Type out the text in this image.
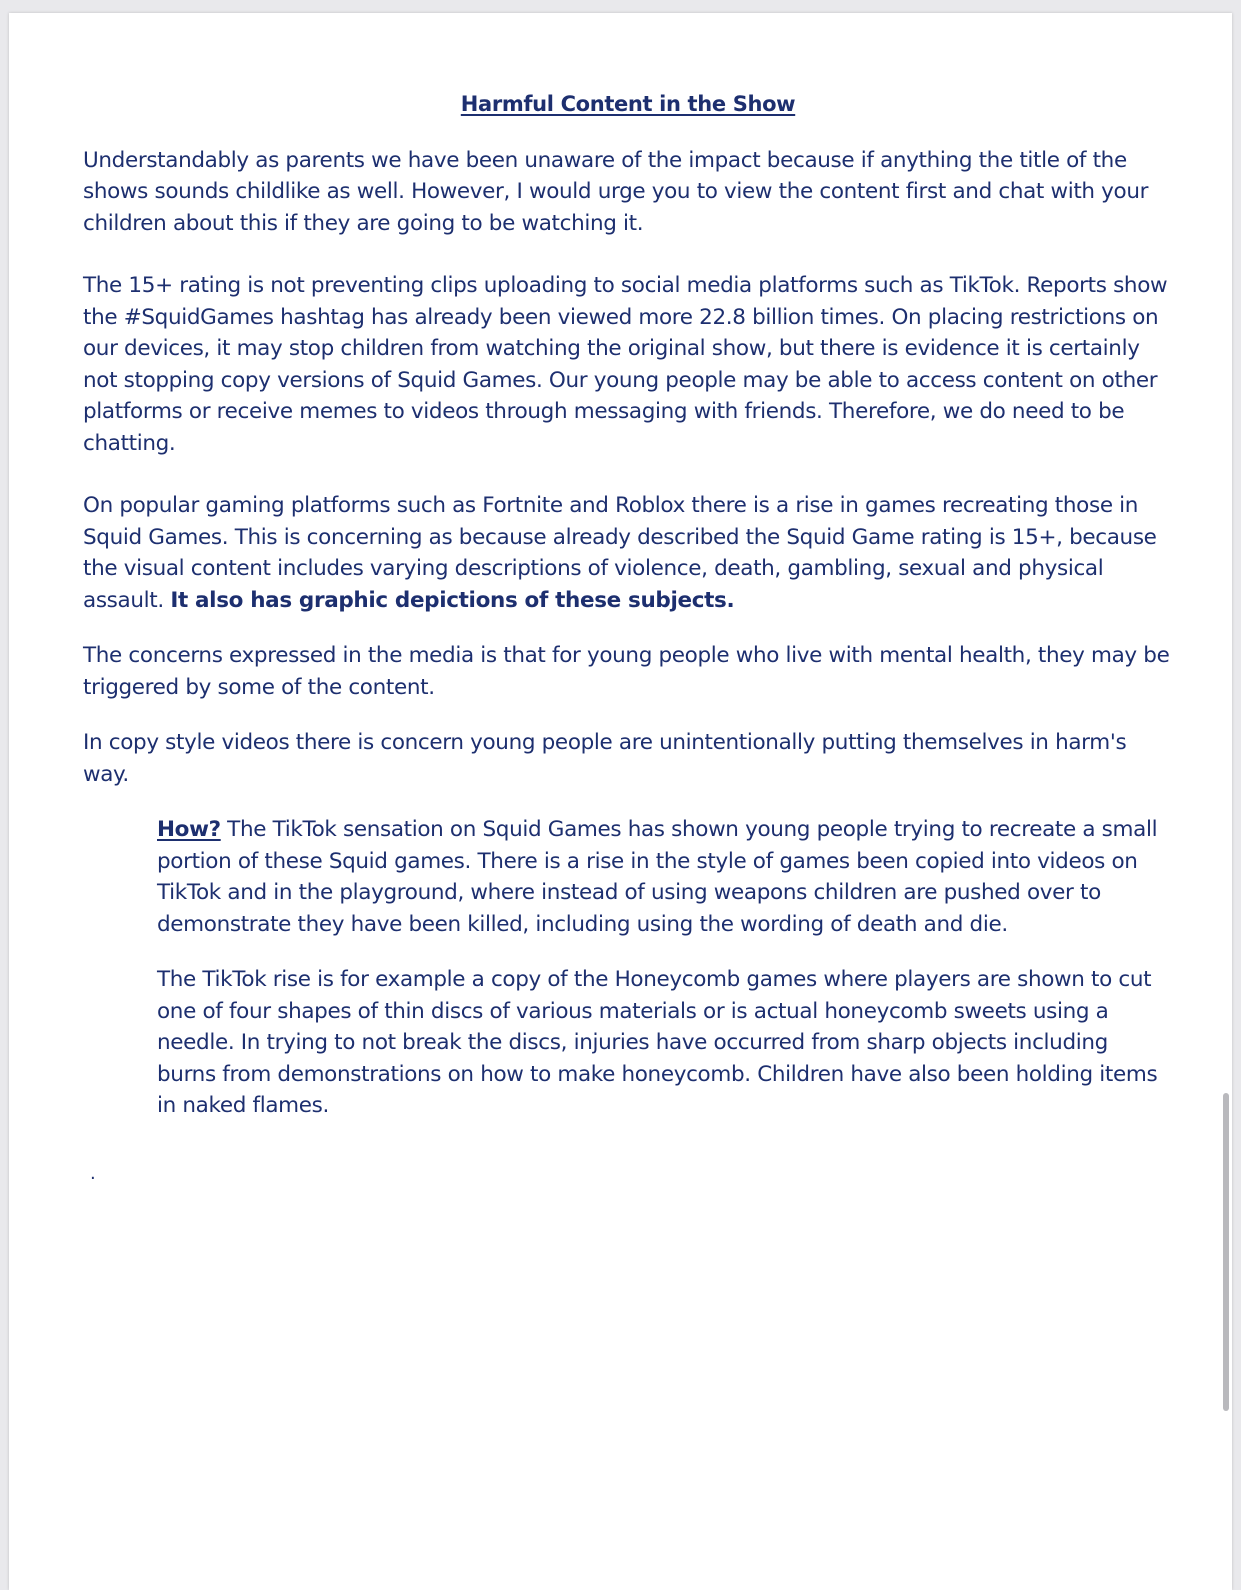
Harmful Content in the Show

Understandably as parents we have been unaware of the impact because if anything the title of the shows sounds childlike as well. However, I would urge you to view the content first and chat with your children about this if they are going to be watching it.

The 15+ rating is not preventing clips uploading to social media platforms such as TikTok. Reports show the #SquidGames hashtag has already been viewed more 22.8 billion times. On placing restrictions on our devices, it may stop children from watching the original show, but there is evidence it is certainly not stopping copy versions of Squid Games. Our young people may be able to access content on other platforms or receive memes to videos through messaging with friends. Therefore, we do need to be chatting.

On popular gaming platforms such as Fortnite and Roblox there is a rise in games recreating those in Squid Games. This is concerning as because already described the Squid Game rating is 15+, because the visual content includes varying descriptions of violence, death, gambling, sexual and physical assault. It also has graphic depictions of these subjects.

The concerns expressed in the media is that for young people who live with mental health, they may be triggered by some of the content.

In copy style videos there is concern young people are unintentionally putting themselves in harm's way.

How? The TikTok sensation on Squid Games has shown young people trying to recreate a small portion of these Squid games. There is a rise in the style of games been copied into videos on TikTok and in the playground, where instead of using weapons children are pushed over to demonstrate they have been killed, including using the wording of death and die.

The TikTok rise is for example a copy of the Honeycomb games where players are shown to cut one of four shapes of thin discs of various materials or is actual honeycomb sweets using a needle. In trying to not break the discs, injuries have occurred from sharp objects including burns from demonstrations on how to make honeycomb. Children have also been holding items in naked flames.

.
